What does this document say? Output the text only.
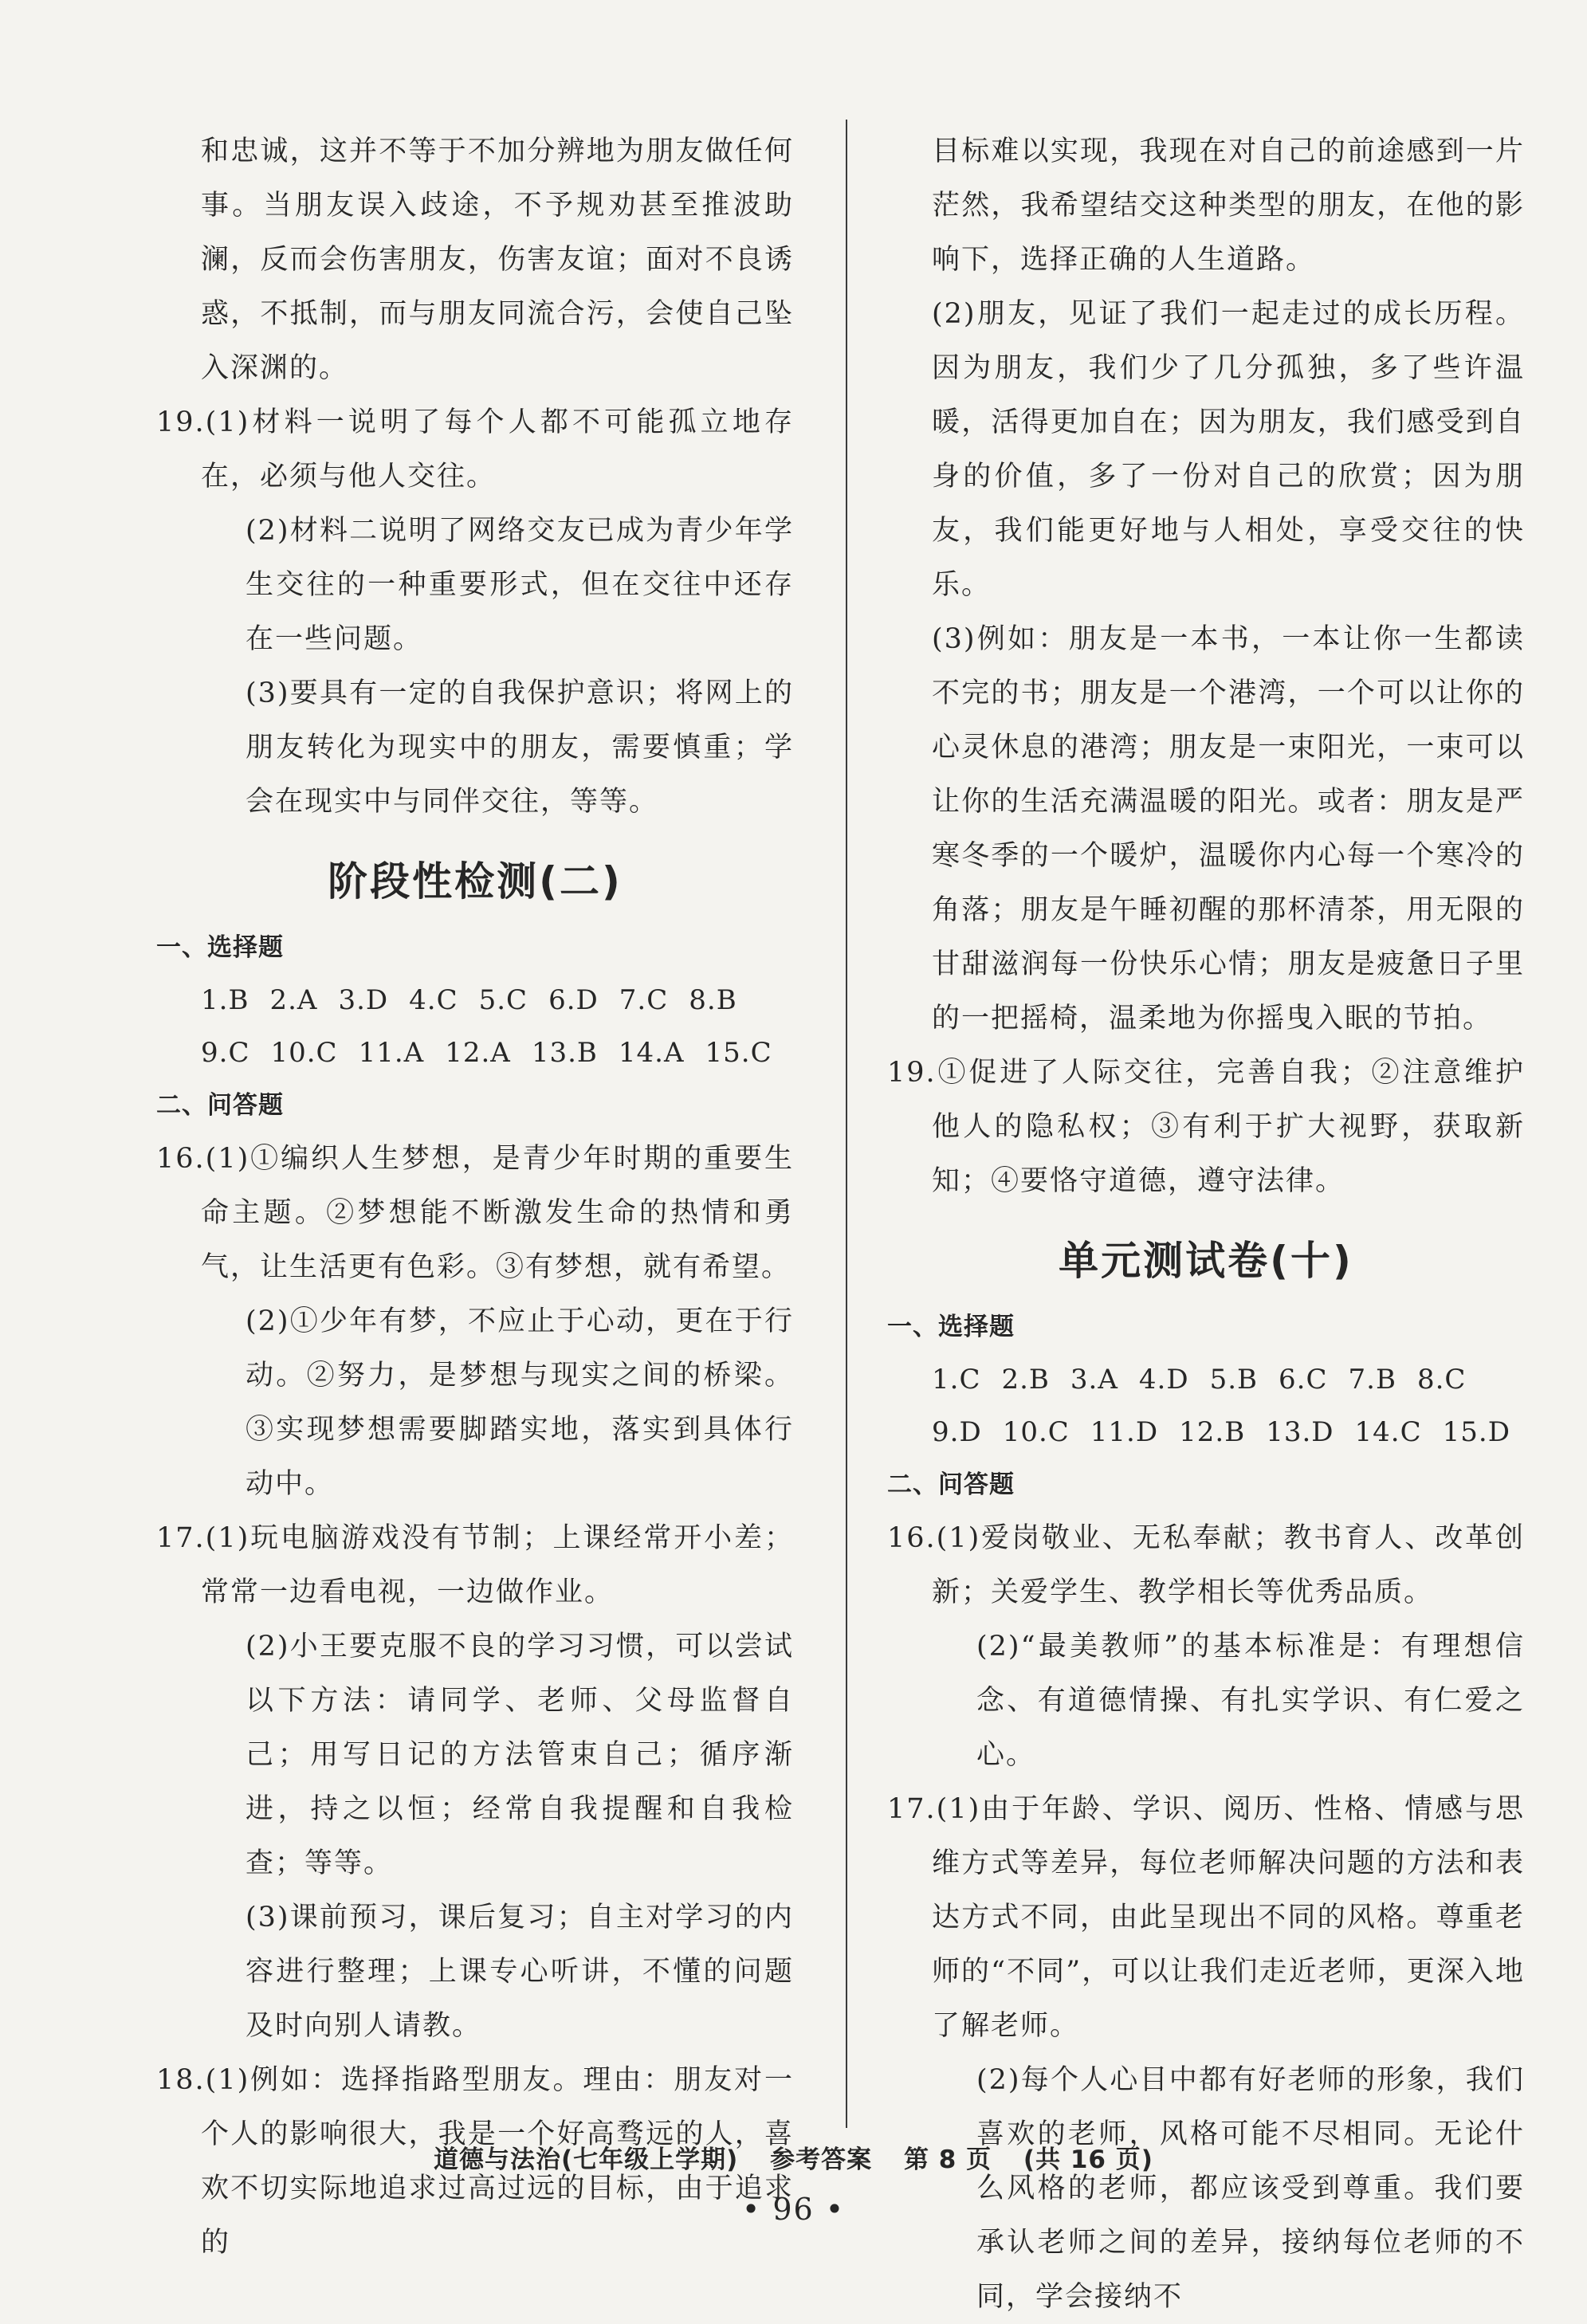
和忠诚，这并不等于不加分辨地为朋友做任何事。当朋友误入歧途，不予规劝甚至推波助澜，反而会伤害朋友，伤害友谊；面对不良诱惑，不抵制，而与朋友同流合污，会使自己坠入深渊的。

19.(1)材料一说明了每个人都不可能孤立地存在，必须与他人交往。
(2)材料二说明了网络交友已成为青少年学生交往的一种重要形式，但在交往中还存在一些问题。
(3)要具有一定的自我保护意识；将网上的朋友转化为现实中的朋友，需要慎重；学会在现实中与同伴交往，等等。
阶段性检测(二)

一、选择题

1.B 2.A 3.D 4.C 5.C 6.D 7.C 8.B

9.C 10.C 11.A 12.A 13.B 14.A 15.C

二、问答题

16.(1)①编织人生梦想，是青少年时期的重要生命主题。②梦想能不断激发生命的热情和勇气，让生活更有色彩。③有梦想，就有希望。
(2)①少年有梦，不应止于心动，更在于行动。②努力，是梦想与现实之间的桥梁。③实现梦想需要脚踏实地，落实到具体行动中。
17.(1)玩电脑游戏没有节制；上课经常开小差；常常一边看电视，一边做作业。
(2)小王要克服不良的学习习惯，可以尝试以下方法：请同学、老师、父母监督自己；用写日记的方法管束自己；循序渐进，持之以恒；经常自我提醒和自我检查；等等。
(3)课前预习，课后复习；自主对学习的内容进行整理；上课专心听讲，不懂的问题及时向别人请教。
18.(1)例如：选择指路型朋友。理由：朋友对一个人的影响很大，我是一个好高骛远的人，喜欢不切实际地追求过高过远的目标，由于追求的

目标难以实现，我现在对自己的前途感到一片茫然，我希望结交这种类型的朋友，在他的影响下，选择正确的人生道路。

(2)朋友，见证了我们一起走过的成长历程。因为朋友，我们少了几分孤独，多了些许温暖，活得更加自在；因为朋友，我们感受到自身的价值，多了一份对自己的欣赏；因为朋友，我们能更好地与人相处，享受交往的快乐。

(3)例如：朋友是一本书，一本让你一生都读不完的书；朋友是一个港湾，一个可以让你的心灵休息的港湾；朋友是一束阳光，一束可以让你的生活充满温暖的阳光。或者：朋友是严寒冬季的一个暖炉，温暖你内心每一个寒冷的角落；朋友是午睡初醒的那杯清茶，用无限的甘甜滋润每一份快乐心情；朋友是疲惫日子里的一把摇椅，温柔地为你摇曳入眠的节拍。

19.①促进了人际交往，完善自我；②注意维护他人的隐私权；③有利于扩大视野，获取新知；④要恪守道德，遵守法律。
单元测试卷(十)

一、选择题

1.C 2.B 3.A 4.D 5.B 6.C 7.B 8.C

9.D 10.C 11.D 12.B 13.D 14.C 15.D

二、问答题

16.(1)爱岗敬业、无私奉献；教书育人、改革创新；关爱学生、教学相长等优秀品质。
(2)“最美教师”的基本标准是：有理想信念、有道德情操、有扎实学识、有仁爱之心。
17.(1)由于年龄、学识、阅历、性格、情感与思维方式等差异，每位老师解决问题的方法和表达方式不同，由此呈现出不同的风格。尊重老师的“不同”，可以让我们走近老师，更深入地了解老师。
(2)每个人心目中都有好老师的形象，我们喜欢的老师，风格可能不尽相同。无论什么风格的老师，都应该受到尊重。我们要承认老师之间的差异，接纳每位老师的不同，学会接纳不
道德与法治(七年级上学期) 参考答案 第 8 页 (共 16 页)
• 96 •
